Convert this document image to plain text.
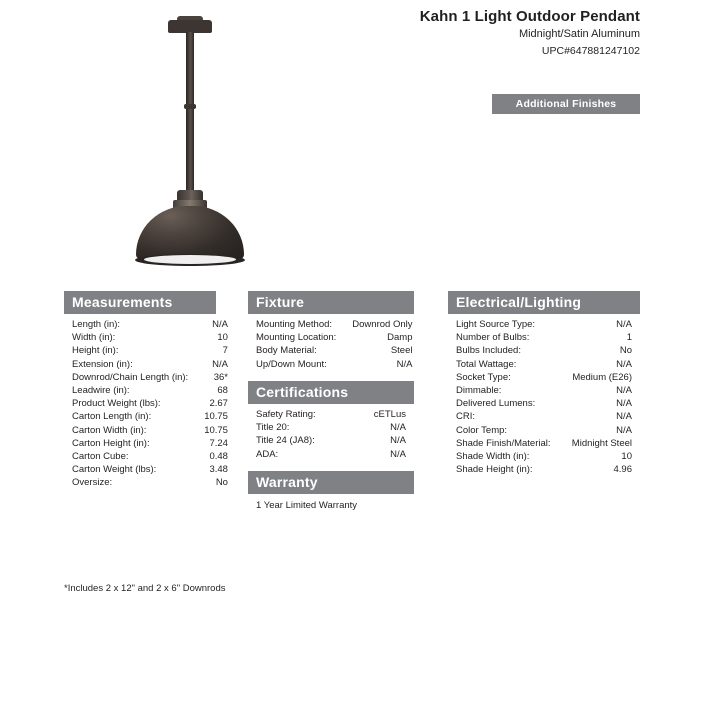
Kahn 1 Light Outdoor Pendant
Midnight/Satin Aluminum
UPC#647881247102
Additional Finishes
Measurements
Length (in):	N/A
Width (in):	10
Height (in):	7
Extension (in):	N/A
Downrod/Chain Length (in):	36*
Leadwire (in):	68
Product Weight (lbs):	2.67
Carton Length (in):	10.75
Carton Width (in):	10.75
Carton Height (in):	7.24
Carton Cube:	0.48
Carton Weight (lbs):	3.48
Oversize:	No
Fixture
Mounting Method:	Downrod Only
Mounting Location:	Damp
Body Material:	Steel
Up/Down Mount:	N/A
Certifications
Safety Rating:	cETLus
Title 20:	N/A
Title 24 (JA8):	N/A
ADA:	N/A
Warranty
1 Year Limited Warranty
Electrical/Lighting
Light Source Type:	N/A
Number of Bulbs:	1
Bulbs Included:	No
Total Wattage:	N/A
Socket Type:	Medium (E26)
Dimmable:	N/A
Delivered Lumens:	N/A
CRI:	N/A
Color Temp:	N/A
Shade Finish/Material:	Midnight Steel
Shade Width (in):	10
Shade Height (in):	4.96
*Includes 2 x 12" and 2 x 6" Downrods
